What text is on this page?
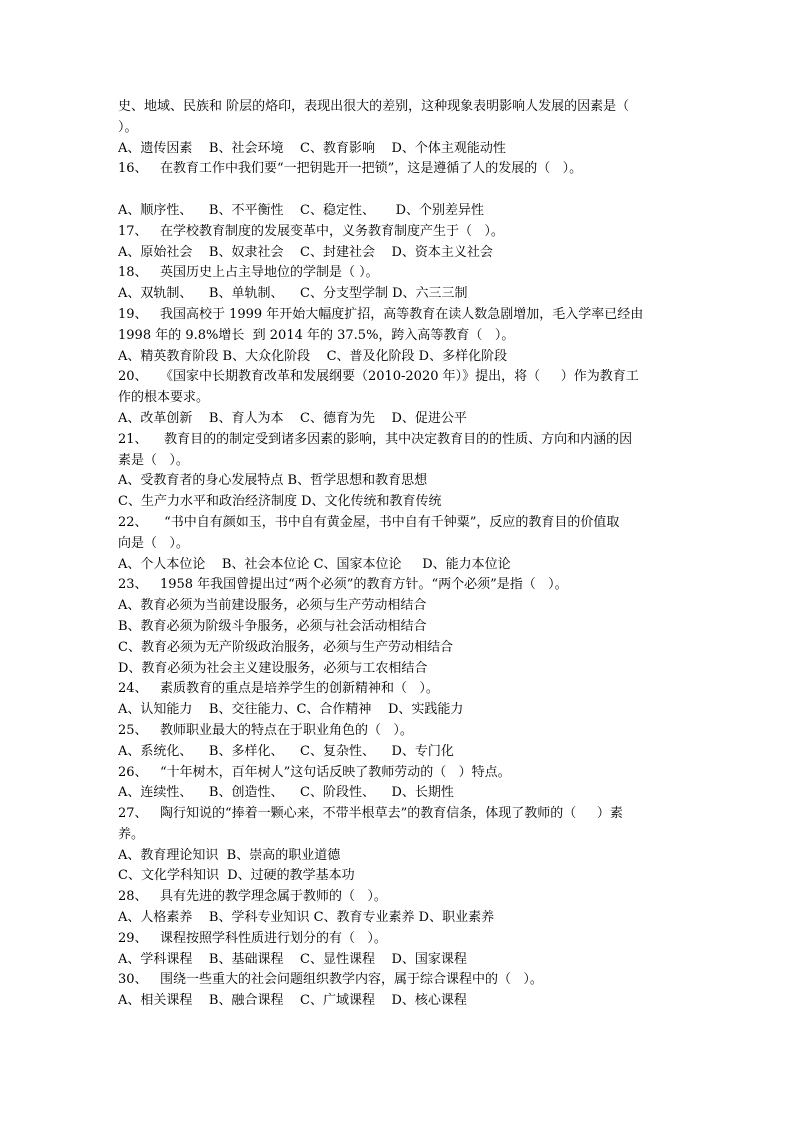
史、地域、民族和 阶层的烙印，表现出很大的差别，这种现象表明影响人发展的因素是（
）。
A、遗传因素    B、社会环境    C、教育影响    D、个体主观能动性
16、   在教育工作中我们要“一把钥匙开一把锁”，这是遵循了人的发展的（   ）。
A、顺序性、    B、不平衡性    C、稳定性、     D、个别差异性
17、   在学校教育制度的发展变革中，义务教育制度产生于（   ）。
A、原始社会    B、奴隶社会    C、封建社会    D、资本主义社会
18、   英国历史上占主导地位的学制是（ ）。
A、双轨制、    B、单轨制、    C、分支型学制 D、六三三制
19、   我国高校于 1999 年开始大幅度扩招，高等教育在读人数急剧增加，毛入学率已经由
1998 年的 9.8%增长  到 2014 年的 37.5%，跨入高等教育（   ）。
A、精英教育阶段 B、大众化阶段    C、普及化阶段 D、多样化阶段
20、   《国家中长期教育改革和发展纲要（2010-2020 年）》提出，将（     ）作为教育工
作的根本要求。
A、改革创新    B、育人为本    C、德育为先    D、促进公平
21、    教育目的的制定受到诸多因素的影响，其中决定教育目的的性质、方向和内涵的因
素是（   ）。
A、受教育者的身心发展特点 B、哲学思想和教育思想
C、生产力水平和政治经济制度 D、文化传统和教育传统
22、    “书中自有颜如玉，书中自有黄金屋，书中自有千钟粟”，反应的教育目的价值取
向是（   ）。
A、个人本位论    B、社会本位论 C、国家本位论     D、能力本位论
23、   1958 年我国曾提出过“两个必须”的教育方针。“两个必须”是指（   ）。
A、教育必须为当前建设服务，必须与生产劳动相结合
B、教育必须为阶级斗争服务，必须与社会活动相结合
C、教育必须为无产阶级政治服务，必须与生产劳动相结合
D、教育必须为社会主义建设服务，必须与工农相结合
24、   素质教育的重点是培养学生的创新精神和（   ）。
A、认知能力    B、交往能力、C、合作精神    D、实践能力
25、   教师职业最大的特点在于职业角色的（   ）。
A、系统化、    B、多样化、    C、复杂性、    D、专门化
26、   “十年树木，百年树人”这句话反映了教师劳动的（   ）特点。
A、连续性、    B、创造性、    C、阶段性、    D、长期性
27、   陶行知说的“捧着一颗心来，不带半根草去”的教育信条，体现了教师的（     ）素
养。
A、教育理论知识  B、崇高的职业道德
C、文化学科知识  D、过硬的教学基本功
28、   具有先进的教学理念属于教师的（   ）。
A、人格素养    B、学科专业知识 C、教育专业素养 D、职业素养
29、   课程按照学科性质进行划分的有（   ）。
A、学科课程    B、基础课程    C、显性课程    D、国家课程
30、   围绕一些重大的社会问题组织教学内容，属于综合课程中的（   ）。
A、相关课程    B、融合课程    C、广域课程    D、核心课程
